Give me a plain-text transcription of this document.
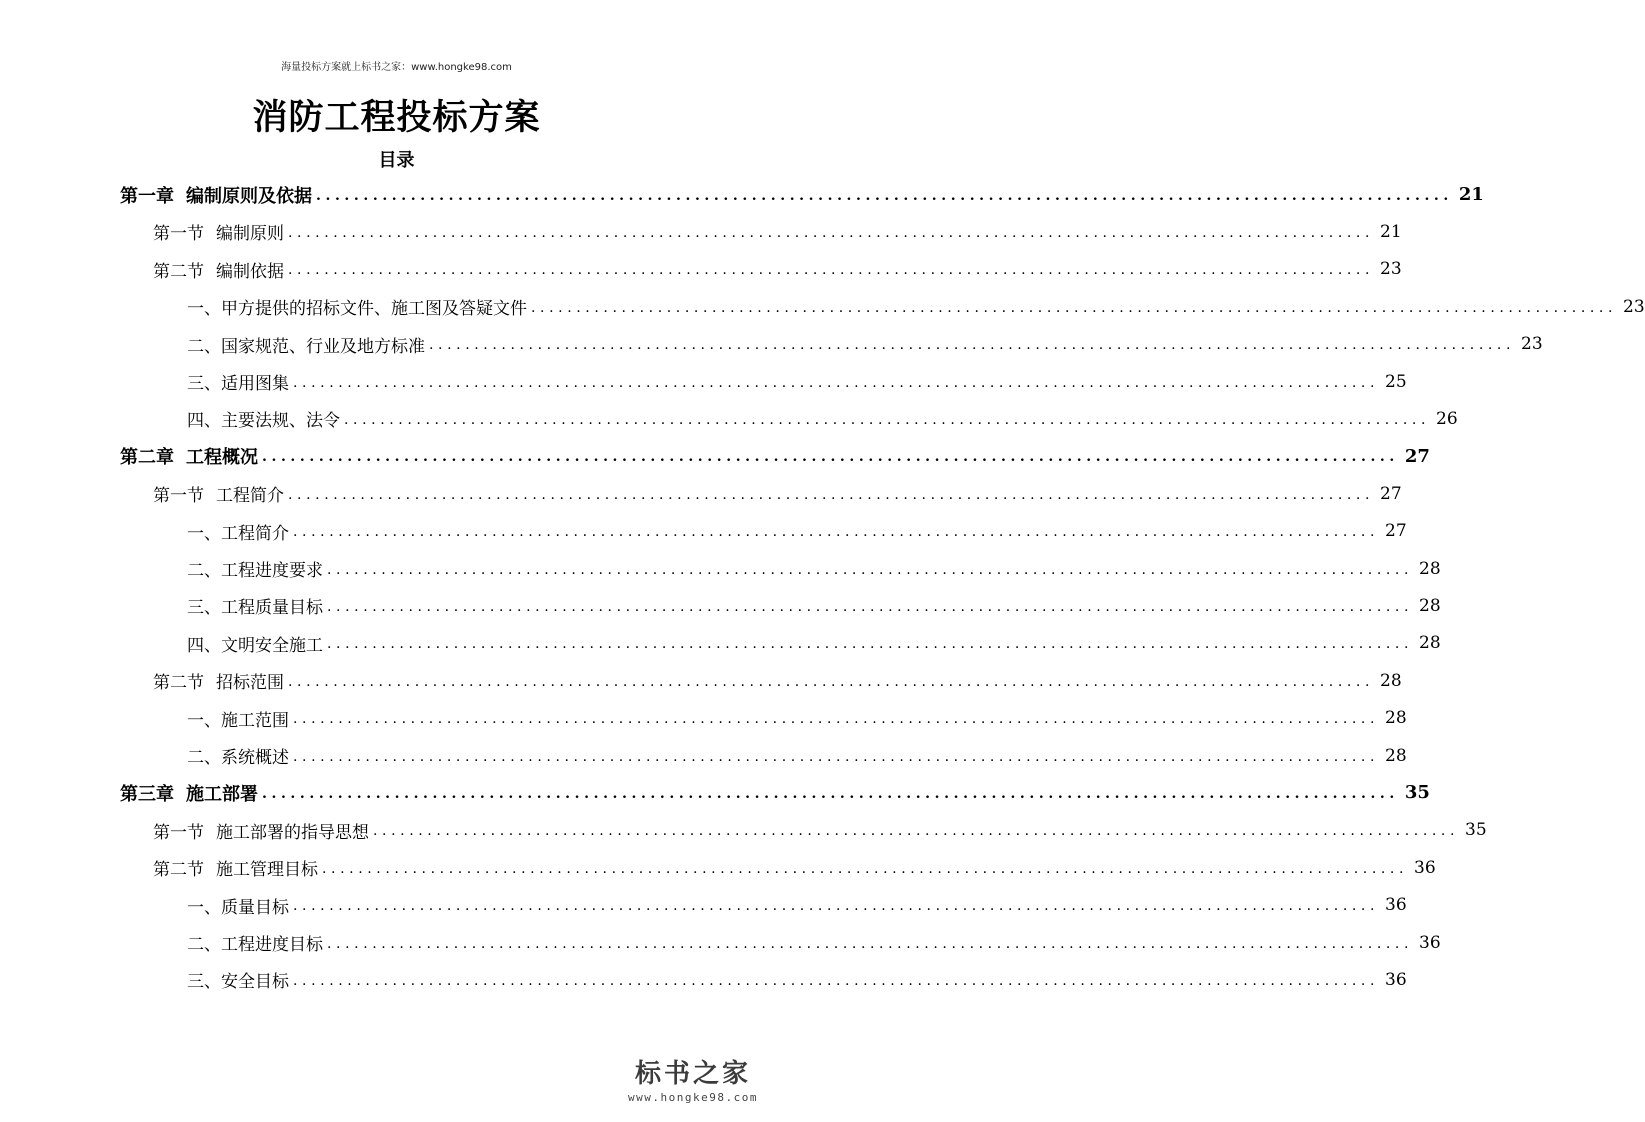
海量投标方案就上标书之家：www.hongke98.com
消防工程投标方案
目录
第一章 编制原则及依据 ........................................................................................................................ 21
第一节 编制原则 ........................................................................................................................ 21
第二节 编制依据 ........................................................................................................................ 23
一、甲方提供的招标文件、施工图及答疑文件 ........................................................................................................................ 23
二、国家规范、行业及地方标准 ........................................................................................................................ 23
三、适用图集 ........................................................................................................................ 25
四、主要法规、法令 ........................................................................................................................ 26
第二章 工程概况 ........................................................................................................................ 27
第一节 工程简介 ........................................................................................................................ 27
一、工程简介 ........................................................................................................................ 27
二、工程进度要求 ........................................................................................................................ 28
三、工程质量目标 ........................................................................................................................ 28
四、文明安全施工 ........................................................................................................................ 28
第二节 招标范围 ........................................................................................................................ 28
一、施工范围 ........................................................................................................................ 28
二、系统概述 ........................................................................................................................ 28
第三章 施工部署 ........................................................................................................................ 35
第一节 施工部署的指导思想 ........................................................................................................................ 35
第二节 施工管理目标 ........................................................................................................................ 36
一、质量目标 ........................................................................................................................ 36
二、工程进度目标 ........................................................................................................................ 36
三、安全目标 ........................................................................................................................ 36
标书之家
www.hongke98.com
